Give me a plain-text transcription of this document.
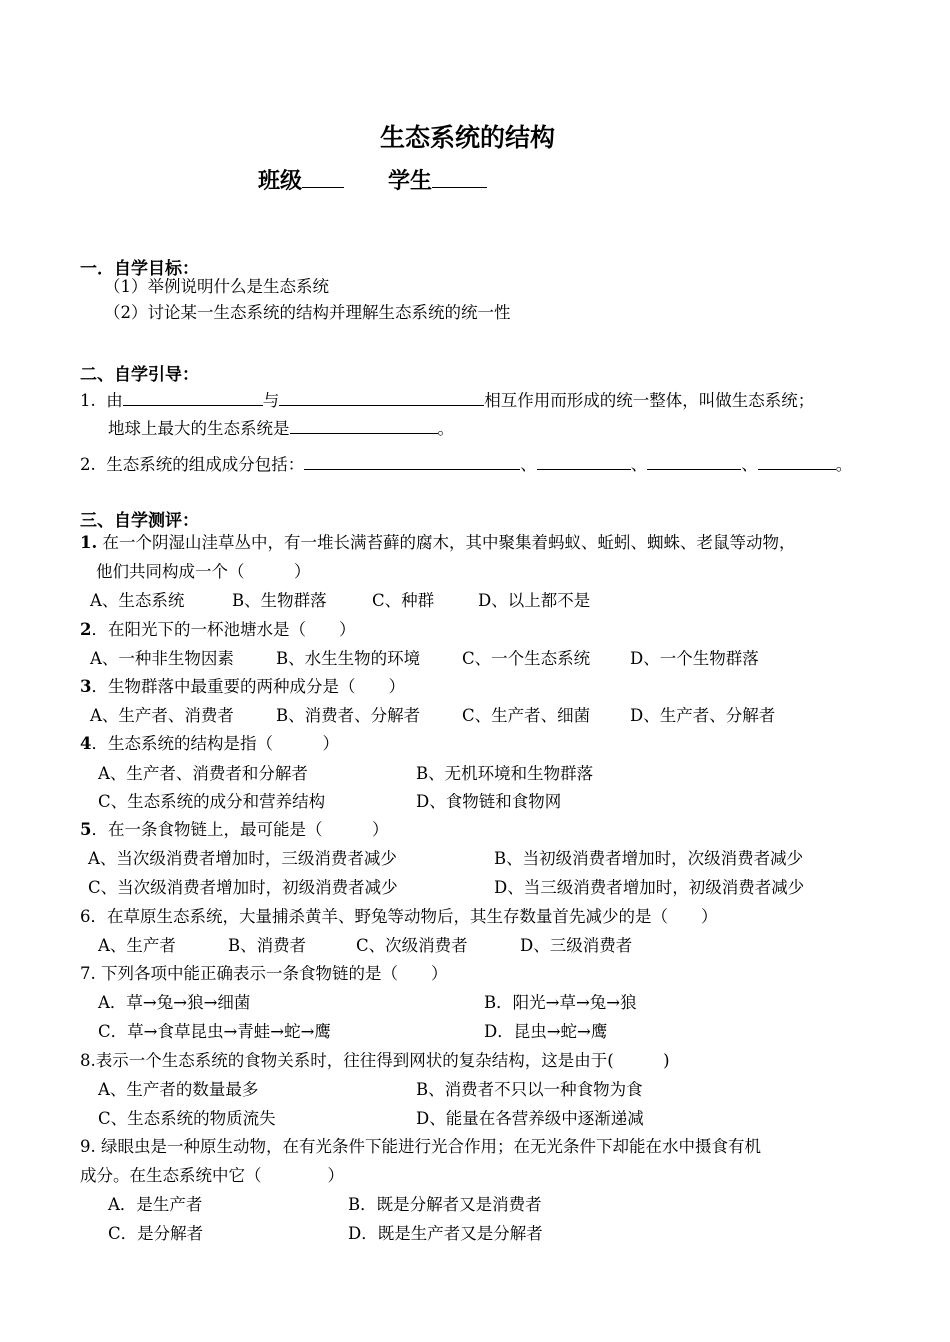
生态系统的结构
班级	学生
一．自学目标：
（1）举例说明什么是生态系统
（2）讨论某一生态系统的结构并理解生态系统的统一性
二、自学引导：
1. 由	与	相互作用而形成的统一整体，叫做生态系统；
地球上最大的生态系统是	。
2. 生态系统的组成成分包括：	、	、	、	。
三、自学测评：
1. 在一个阴湿山洼草丛中，有一堆长满苔藓的腐木，其中聚集着蚂蚁、蚯蚓、蜘蛛、老鼠等动物，
他们共同构成一个（　　　）
A、生态系统	B、生物群落	C、种群	D、以上都不是
2．在阳光下的一杯池塘水是（　　）
A、一种非生物因素	B、水生生物的环境	C、一个生态系统 D、一个生物群落
3．生物群落中最重要的两种成分是（　　）
A、生产者、消费者	B、消费者、分解者	C、生产者、细菌 D、生产者、分解者
4．生态系统的结构是指（　　　）
A、生产者、消费者和分解者	B、无机环境和生物群落
C、生态系统的成分和营养结构	D、食物链和食物网
5．在一条食物链上，最可能是（　　　）
A、当次级消费者增加时，三级消费者减少	B、当初级消费者增加时，次级消费者减少
C、当次级消费者增加时，初级消费者减少	D、当三级消费者增加时，初级消费者减少
6．在草原生态系统，大量捕杀黄羊、野兔等动物后，其生存数量首先减少的是（　　）
A、生产者	B、消费者	C、次级消费者	D、三级消费者
7. 下列各项中能正确表示一条食物链的是（　　）
A．草→兔→狼→细菌	B．阳光→草→兔→狼
C．草→食草昆虫→青蛙→蛇→鹰	D．昆虫→蛇→鹰
8.表示一个生态系统的食物关系时，往往得到网状的复杂结构，这是由于(　　　)
A、生产者的数量最多	B、消费者不只以一种食物为食
C、生态系统的物质流失	D、能量在各营养级中逐渐递减
9. 绿眼虫是一种原生动物，在有光条件下能进行光合作用；在无光条件下却能在水中摄食有机
成分。在生态系统中它（　　　　）
A．是生产者	B．既是分解者又是消费者
C．是分解者	D．既是生产者又是分解者
